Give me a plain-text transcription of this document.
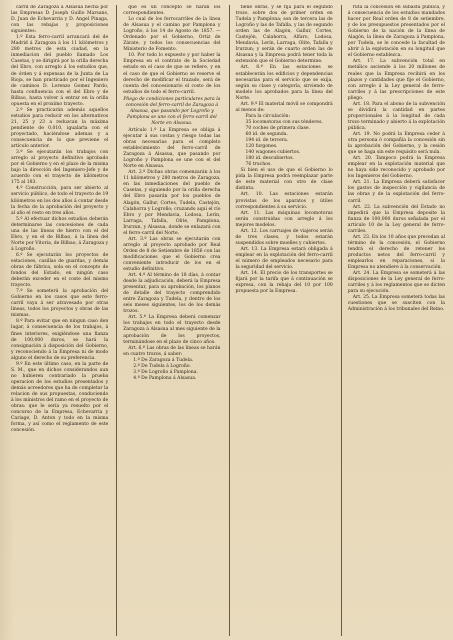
carril de Zaragoza á Alsasua hecha por las Empresas D. Joseph Guillo Marsans, D. Juan de Echevarria y D. Angel Pinaga, con las rebajas y proposiciones siguientes:

1.º Esta ferro-carril arrancará del de Madrid á Zaragoza á los 11 kilómetros y 280 metros de esta ciudad, en la inmediacion del pueblo llamado Los Casetas, y se dirigirá por la orilla derecha del Ebro, con arreglo á los estudios que, de órden y á expensas de la Junta de La Rioja, se han practicado por el Ingeniero de caminos D. Lorenzo Gomez Pardo, hasta confluencia con el del Ebro y de Bilbao, hasta volver á entrar en la orilla opuesta en el proximo trayecto.

2.º Se practicarán además aquellos estudios para reducir en los alternativos 21, 25 y 23 a reduzcan la máxima pendiente de 0,010, igualarla con el proyectado, haciéndose ademas y a consecuencia de lo que previene el artículo anterior.

3.º Se ejecutarán los trabajos con arreglo al proyecto definitivo aprobado por el Gobierno y en el plazo de la misma bajo la dirección del Ingeniero-Jefe y de acuerdo con el trayecto de kilómetros 175 al 183.

4.º Construcción, para ser abierto al servicio público, de todo el trayecto de 19 kilómetros en los dos años á contar desde la fecha de la aprobación del proyecto y al año el resto en tres años.

5.º Al efectuar dichos estudios deberán determinarse las concesiones de cada una de las líneas de hierro con el del Ebro, y en el de Bilbao, á la línea del Norte por Vitoria, de Bilbao, á Zaragoza y á Logroño.

6.º Se ejecutarán los proyectos de estaciones, casillas de guardas, y demás obras de fábrica, sola en el concepto de fondos del Estado, en ningún caso deberán exceder en el coste del mismo trayecto.

7.º Se someterá la aprobación del Gobierno en los casos que este ferro-carril vaya á ser atravesado por otras líneas, todos los proyectos y obras de las mismas.

8.º Para evitar que en ningun caso den lugar, á consecuencia de los trabajos, á fines interiores, exigiéndose una fianza de 100,000 duros, se hará la consignación á disposición del Gobierno, y reconociendo á la Empresa ni de modo alguno el derecho de su preferencia.

9.º En este último caso, en la parte de S. M., que en dichos considerandos aun no hubieren contrariado la prueba operacion de los estudios presentados y demás acreedores que ha de completar la relacion de sus propuestas, conduciendo á los ministros del ramo en el proyecto de obras: que le sería ya resuelto por el concurso de la Empresa, Echevarria y Cariage, D. Anton y todo en la misma forma, y así como el reglamento de este concesión.

que es un concepto se harán los correspondientes.

Lo cual de los ferrocarriles de la línea de Alsasua y el camino por Pamplona y Logroño, á los 14 de Agosto de 1857. — Ordenado por el Gobierno, Ortiz de Zárate, y todos los consecuencias del Ministerio de Fomento.

10. Por todo lo expuesto y por haber la Empresa en el contrato de la Sociedad estado en el caso de que se refiere, y en el caso de que el Gobierno se reserve el derecho de modificar el trazado, será de cuenta del concesionario el costo de los estudios de todo el ferro-carril.

Pliego de condiciones particulares para la concesión del ferro-carril de Zaragoza á Alsasua, que pasando por Logroño y Pamplona se une con el ferro-carril del Norte en Alsasua.

Artículo 1.º La Empresa se obliga á ejecutar á sus costas y riesgo todas las obras necesarias para el completo establecimiento del ferro-carril de Zaragoza á Alsasua, que pasando por Logroño y Pamplona se une con el del Norte en Alsasua.

Art. 2.º Dichas obras comenzarán á los 11 kilómetros y 280 metros de Zaragoza, en las inmediaciones del pueblo de Casetas, y siguiendo por la orilla derecha del Ebro pasarán por los pueblos de Alagón, Gallur, Cortes, Tudela, Castejón, Calahorra y Logroño; cruzando aquí el río Ebro y por Mendavia, Lodosa, Lerín, Larraga, Tafalla, Olite, Pamplona, Irurzun, y Alsasua, donde se enlazará con el ferro-carril del Norte.

Art. 3.º Las obras se ejecutarán con arreglo al proyecto aprobado por Real Orden de 8 de Setiembre de 1856 con las modificaciones que el Gobierno crea conveniente introducir de los en el estudio definitivo.

Art. 4.º Al término de 18 días, á contar desde la adjudicación, deberá la Empresa presentar, para su aprobación, los planos de detalle del trayecto comprendido entre Zaragoza y Tudela, y dentro de los seis meses siguientes, los de los demás trozos.

Art. 5.º La Empresa deberá comenzar los trabajos en todo el trayecto desde Zaragoza á Alsasua al mes siguiente de la aprobación de los proyectos, terminándose en el plazo de cinco años.

Art. 6.º Las obras de las líneas se harán en cuatro trozos, á saber:

1.º De Zaragoza á Tudela.

2.º De Tudela á Logroño.

3.º De Logroño á Pamplona.

4.º De Pamplona á Alsasua.

tiene obras, y se fija para el segundo trozo, sobre dos de primer orden en Tudela y Pamplona; son de tercera las de Logroño y las de Tafalla, y las de segundo orden las de Alagón, Gallur, Cortes, Castejón, Calahorra, Alfaro, Lodosa, Mendavia, Lerín, Larraga, Olite, Tafalla y Irurzun; y serán de cuarto orden las de Alsasua y la Empresa podrá tener toda la extensión que el Gobierno determine.

Art. 8.º En las estaciones se establecerán los edificios y dependencias necesarias para el servicio que se exija, según su clase y categoría, sirviendo de modelo los aprobados para la línea del Norte.

Art. 9.º El material móvil se compondrá al menos de:

Para la circulación:

35 locomotoras con sus ténderes.

70 coches de primera clase.

60 id. de segunda.

194 id. de tercera.

120 furgones.

140 wagones cubiertos.

180 id. descubiertos.

76 truchos.

Si bien el uso de que el Gobierno lo pida la Empresa podrá reemplazar parte de este material con otro de clase distinta.

Art. 10. Las estaciones estarán provistas de los aparatos y útiles correspondientes á su servicio.

Art. 11. Las máquinas locomotoras serán construidas con arreglo á los mejores modelos.

Art. 12. Los carruajes de viajeros serán de tres clases, y todos estarán suspendidos sobre muelles y cubiertos.

Art. 13. La Empresa estará obligada á emplear en la explotación del ferro-carril el número de empleados necesario para la seguridad del servicio.

Art. 14. El precio de los transportes se fijará por la tarifa que á continuación se expresa, con la rebaja del 10 por 100 propuesta por la Empresa.

ruta la concesión en subasta pública, y á consecuencia de los estudios mandados hacer por Real orden de 8 de setiembre, y de los presupuestos presentados por el Gobierno de la nación de la línea de Alagón, la línea de Zaragoza á Pamplona, por Tudela, se le concede la facultad de abrir á la explotación en su longitud que el Gobierno establezca.

Art. 17. La subvención total en metálico asciende á los 20 millones de reales que la Empresa recibirá en los plazos y cantidades que fije el Gobierno, con arreglo á la Ley general de ferro-carriles y á las prescripciones de este pliego.

Art. 18. Para el abono de la subvención se dividirá la cantidad en partes proporcionales á la longitud de cada trozo terminado y abierto á la explotación pública.

Art. 19. No podrá la Empresa ceder á otra persona ó compañía la concesión sin la aprobación del Gobierno, y la cesión que se haga sin este requisito será nula.

Art. 20. Tampoco podrá la Empresa emplear en la explotación material que no haya sido reconocido y aprobado por los Ingenieros del Gobierno.

Art. 21. La Empresa deberá satisfacer los gastos de inspección y vigilancia de las obras y de la explotación del ferro-carril.

Art. 22. La subvención del Estado no impedirá que la Empresa deposite la fianza de 100,000 duros señalada por el artículo 10 de la Ley general de ferro-carriles.

Art. 23. En los 10 años que precedan al término de la concesión, el Gobierno tendrá el derecho de retener los productos netos del ferro-carril y emplearlos en reparaciones, si la Empresa no atendiere á la conservación.

Art. 24. La Empresa se someterá á las disposiciones de la Ley general de ferro-carriles y á los reglamentos que se dicten para su ejecución.

Art. 25. La Empresa someterá todas las cuestiones que se susciten con la Administración á los tribunales del Reino.
